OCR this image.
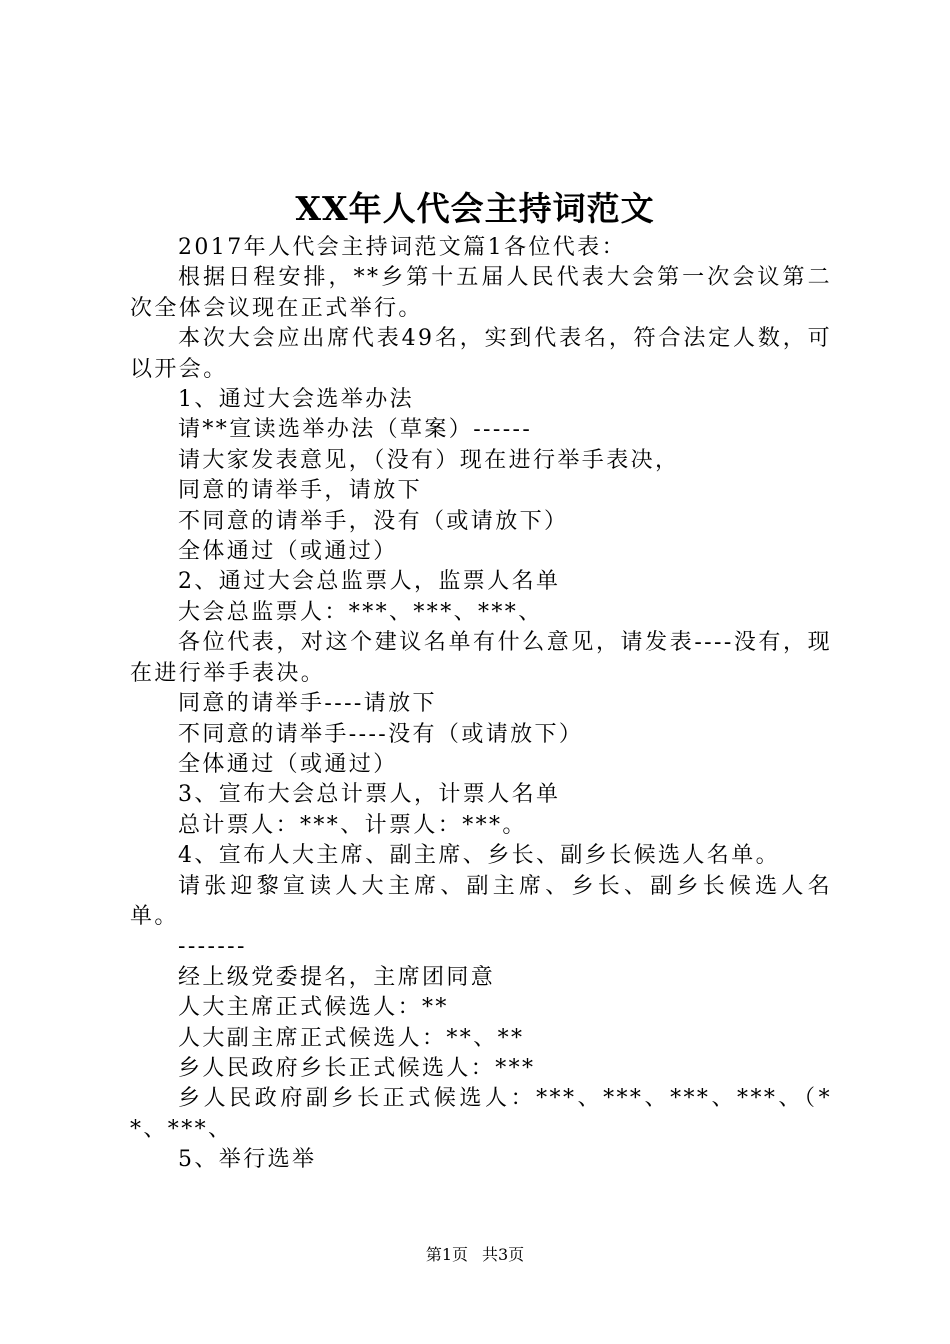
XX年人代会主持词范文

2017年人代会主持词范文篇1各位代表：

根据日程安排，**乡第十五届人民代表大会第一次会议第二次全体会议现在正式举行。

本次大会应出席代表49名，实到代表名，符合法定人数，可以开会。

1、通过大会选举办法

请**宣读选举办法（草案）------

请大家发表意见，（没有）现在进行举手表决，

同意的请举手，请放下

不同意的请举手，没有（或请放下）

全体通过（或通过）

2、通过大会总监票人，监票人名单

大会总监票人：***、***、***、

各位代表，对这个建议名单有什么意见，请发表----没有，现在进行举手表决。

同意的请举手----请放下

不同意的请举手----没有（或请放下）

全体通过（或通过）

3、宣布大会总计票人，计票人名单

总计票人：***、计票人：***。

4、宣布人大主席、副主席、乡长、副乡长候选人名单。

请张迎黎宣读人大主席、副主席、乡长、副乡长候选人名单。

-------

经上级党委提名，主席团同意

人大主席正式候选人：**

人大副主席正式候选人：**、**

乡人民政府乡长正式候选人：***

乡人民政府副乡长正式候选人：***、***、***、***、（**、***、

5、举行选举

第1页 共3页
